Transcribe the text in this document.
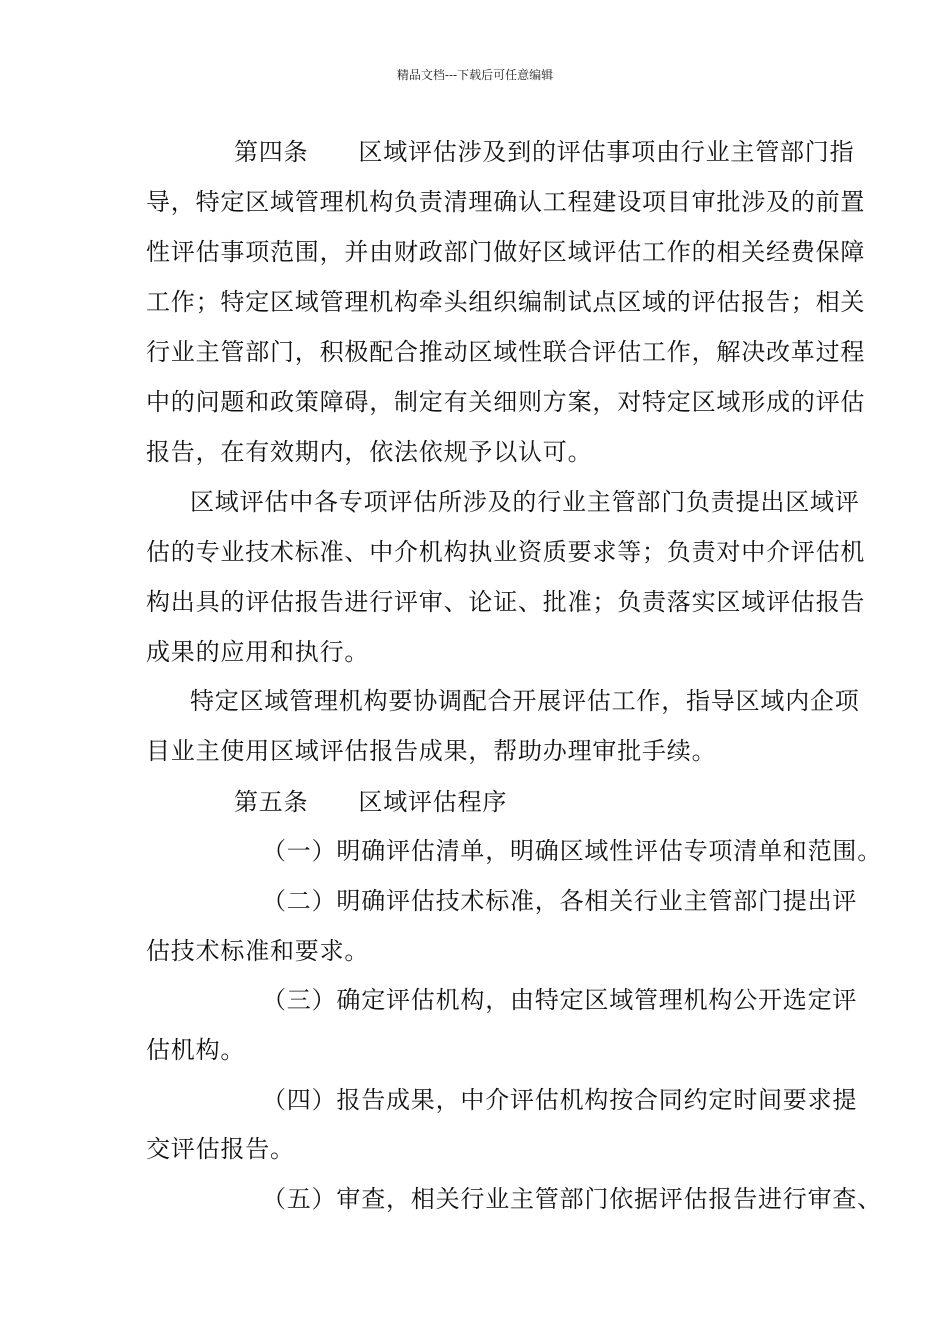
精品文档---下载后可任意编辑
第四条 区域评估涉及到的评估事项由行业主管部门指
导，特定区域管理机构负责清理确认工程建设项目审批涉及的前置
性评估事项范围，并由财政部门做好区域评估工作的相关经费保障
工作；特定区域管理机构牵头组织编制试点区域的评估报告；相关
行业主管部门，积极配合推动区域性联合评估工作，解决改革过程
中的问题和政策障碍，制定有关细则方案，对特定区域形成的评估
报告，在有效期内，依法依规予以认可。
区域评估中各专项评估所涉及的行业主管部门负责提出区域评
估的专业技术标准、中介机构执业资质要求等；负责对中介评估机
构出具的评估报告进行评审、论证、批准；负责落实区域评估报告
成果的应用和执行。
特定区域管理机构要协调配合开展评估工作，指导区域内企项
目业主使用区域评估报告成果，帮助办理审批手续。
第五条 区域评估程序
（一）明确评估清单，明确区域性评估专项清单和范围。
（二）明确评估技术标准，各相关行业主管部门提出评
估技术标准和要求。
（三）确定评估机构，由特定区域管理机构公开选定评
估机构。
（四）报告成果，中介评估机构按合同约定时间要求提
交评估报告。
（五）审查，相关行业主管部门依据评估报告进行审查、
